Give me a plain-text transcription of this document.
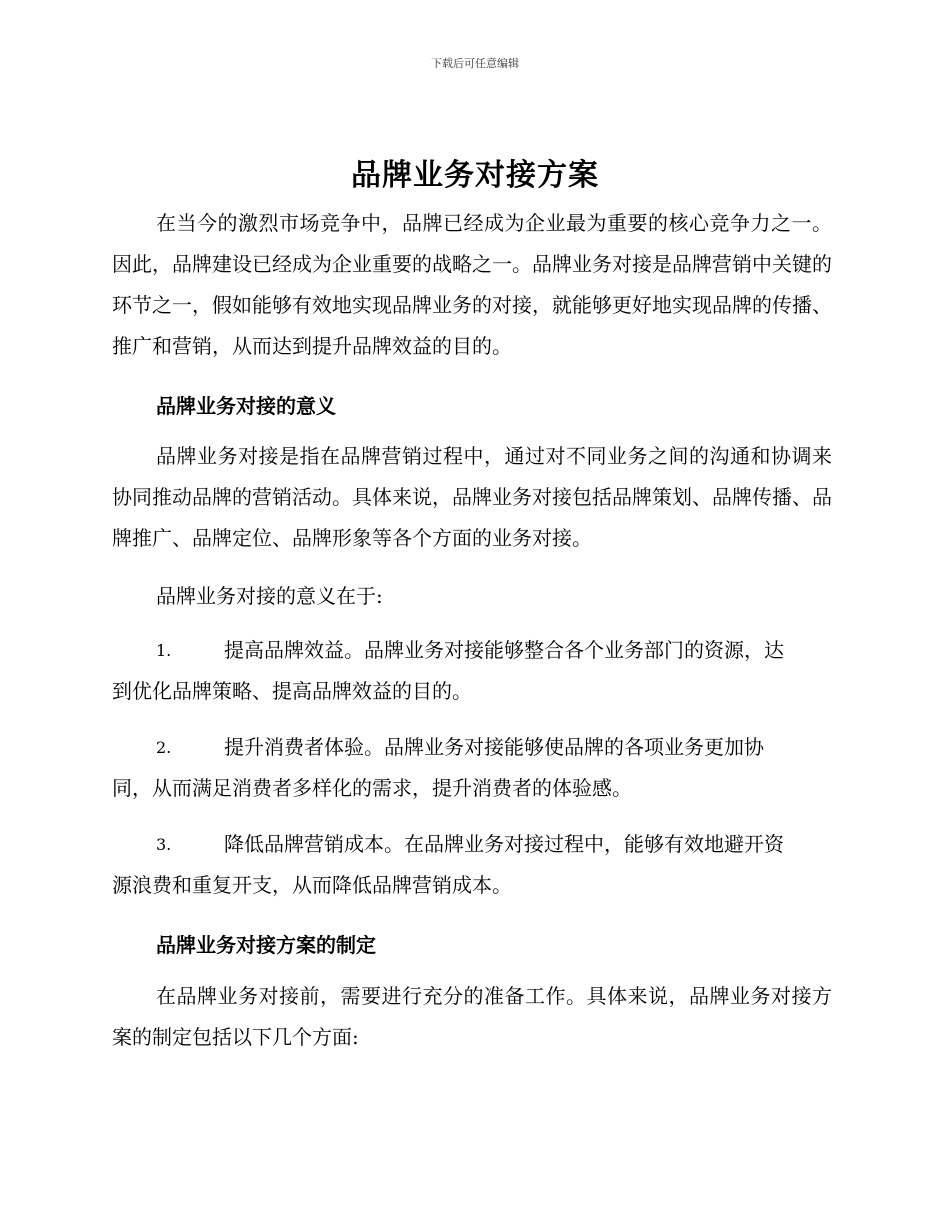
下载后可任意编辑
品牌业务对接方案

在当今的激烈市场竞争中，品牌已经成为企业最为重要的核心竞争力之一。因此，品牌建设已经成为企业重要的战略之一。品牌业务对接是品牌营销中关键的环节之一，假如能够有效地实现品牌业务的对接，就能够更好地实现品牌的传播、推广和营销，从而达到提升品牌效益的目的。

品牌业务对接的意义

品牌业务对接是指在品牌营销过程中，通过对不同业务之间的沟通和协调来协同推动品牌的营销活动。具体来说，品牌业务对接包括品牌策划、品牌传播、品牌推广、品牌定位、品牌形象等各个方面的业务对接。

品牌业务对接的意义在于:

1.	提高品牌效益。品牌业务对接能够整合各个业务部门的资源，达
到优化品牌策略、提高品牌效益的目的。
2.	提升消费者体验。品牌业务对接能够使品牌的各项业务更加协
同，从而满足消费者多样化的需求，提升消费者的体验感。
3.	降低品牌营销成本。在品牌业务对接过程中，能够有效地避开资
源浪费和重复开支，从而降低品牌营销成本。
品牌业务对接方案的制定

在品牌业务对接前，需要进行充分的准备工作。具体来说，品牌业务对接方案的制定包括以下几个方面:
